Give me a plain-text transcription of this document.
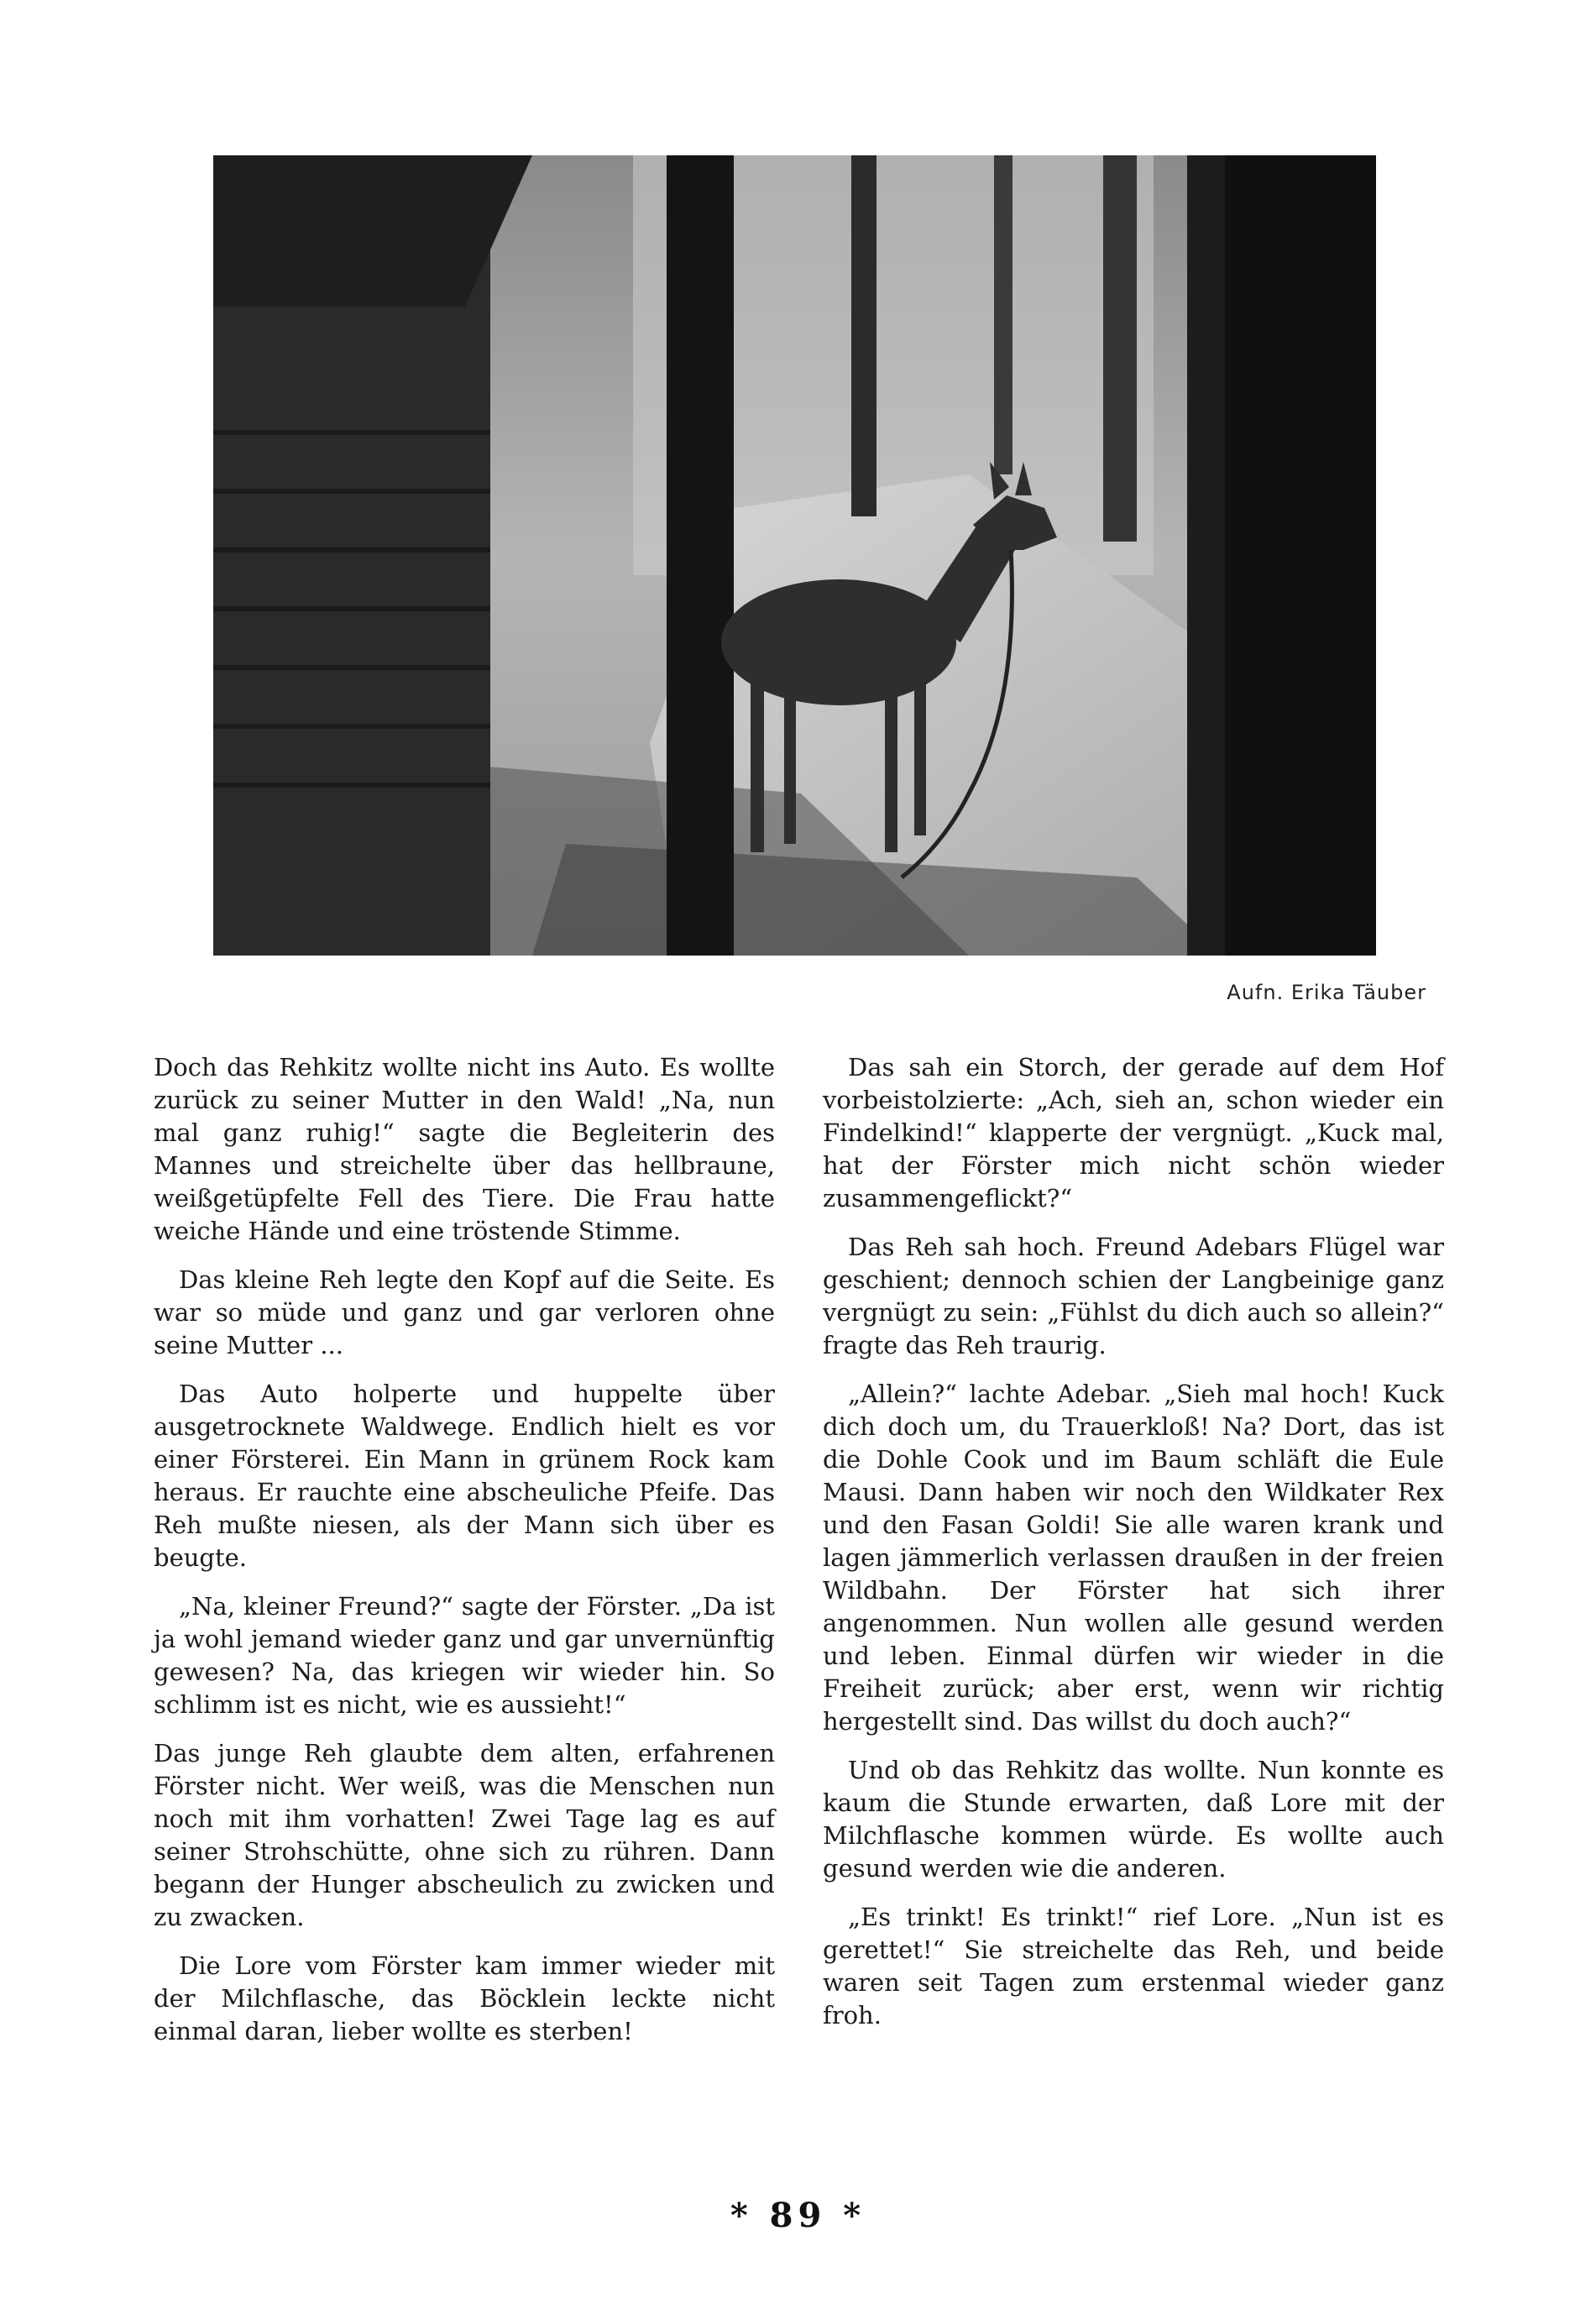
Aufn. Erika Täuber

Doch das Rehkitz wollte nicht ins Auto. Es wollte zurück zu seiner Mutter in den Wald! „Na, nun mal ganz ruhig!“ sagte die Begleiterin des Mannes und streichelte über das hellbraune, weißgetüpfelte Fell des Tiere. Die Frau hatte weiche Hände und eine tröstende Stimme.

Das kleine Reh legte den Kopf auf die Seite. Es war so müde und ganz und gar verloren ohne seine Mutter ...

Das Auto holperte und huppelte über ausgetrocknete Waldwege. Endlich hielt es vor einer Försterei. Ein Mann in grünem Rock kam heraus. Er rauchte eine abscheuliche Pfeife. Das Reh mußte niesen, als der Mann sich über es beugte.

„Na, kleiner Freund?“ sagte der Förster. „Da ist ja wohl jemand wieder ganz und gar unvernünftig gewesen? Na, das kriegen wir wieder hin. So schlimm ist es nicht, wie es aussieht!“

Das junge Reh glaubte dem alten, erfahrenen Förster nicht. Wer weiß, was die Menschen nun noch mit ihm vorhatten! Zwei Tage lag es auf seiner Strohschütte, ohne sich zu rühren. Dann begann der Hunger abscheulich zu zwicken und zu zwacken.

Die Lore vom Förster kam immer wieder mit der Milchflasche, das Böcklein leckte nicht einmal daran, lieber wollte es sterben!

Das sah ein Storch, der gerade auf dem Hof vorbeistolzierte: „Ach, sieh an, schon wieder ein Findelkind!“ klapperte der vergnügt. „Kuck mal, hat der Förster mich nicht schön wieder zusammengeflickt?“

Das Reh sah hoch. Freund Adebars Flügel war geschient; dennoch schien der Langbeinige ganz vergnügt zu sein: „Fühlst du dich auch so allein?“ fragte das Reh traurig.

„Allein?“ lachte Adebar. „Sieh mal hoch! Kuck dich doch um, du Trauerkloß! Na? Dort, das ist die Dohle Cook und im Baum schläft die Eule Mausi. Dann haben wir noch den Wildkater Rex und den Fasan Goldi! Sie alle waren krank und lagen jämmerlich verlassen draußen in der freien Wildbahn. Der Förster hat sich ihrer angenommen. Nun wollen alle gesund werden und leben. Einmal dürfen wir wieder in die Freiheit zurück; aber erst, wenn wir richtig hergestellt sind. Das willst du doch auch?“

Und ob das Rehkitz das wollte. Nun konnte es kaum die Stunde erwarten, daß Lore mit der Milchflasche kommen würde. Es wollte auch gesund werden wie die anderen.

„Es trinkt! Es trinkt!“ rief Lore. „Nun ist es gerettet!“ Sie streichelte das Reh, und beide waren seit Tagen zum erstenmal wieder ganz froh.

* 89 *
